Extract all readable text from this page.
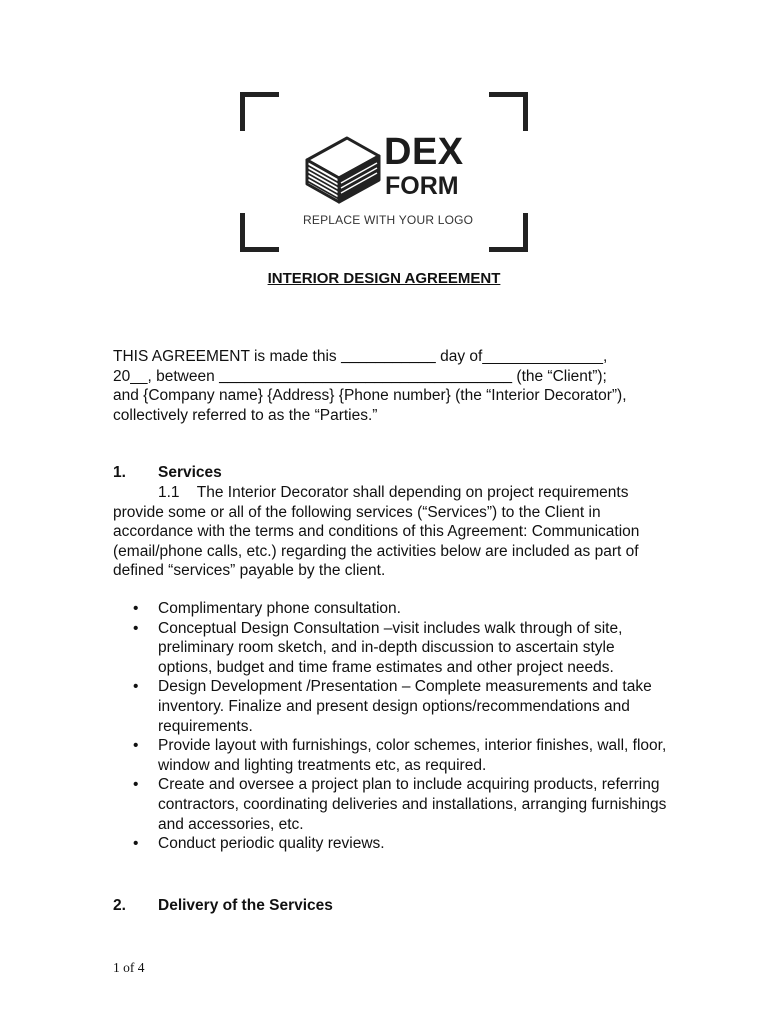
DEX
FORM
REPLACE WITH YOUR LOGO
INTERIOR DESIGN AGREEMENT
THIS AGREEMENT is made this ___________ day of______________,
20__, between __________________________________ (the “Client”);
and {Company name} {Address} {Phone number} (the “Interior Decorator”),
collectively referred to as the “Parties.”
1. Services
1.1 The Interior Decorator shall depending on project requirements provide some or all of the following services (“Services”) to the Client in accordance with the terms and conditions of this Agreement: Communication (email/phone calls, etc.) regarding the activities below are included as part of defined “services” payable by the client.
• Complimentary phone consultation.
• Conceptual Design Consultation –visit includes walk through of site, preliminary room sketch, and in-depth discussion to ascertain style options, budget and time frame estimates and other project needs.
• Design Development /Presentation – Complete measurements and take inventory. Finalize and present design options/recommendations and requirements.
• Provide layout with furnishings, color schemes, interior finishes, wall, floor, window and lighting treatments etc, as required.
• Create and oversee a project plan to include acquiring products, referring contractors, coordinating deliveries and installations, arranging furnishings and accessories, etc.
• Conduct periodic quality reviews.
2. Delivery of the Services
1 of 4
